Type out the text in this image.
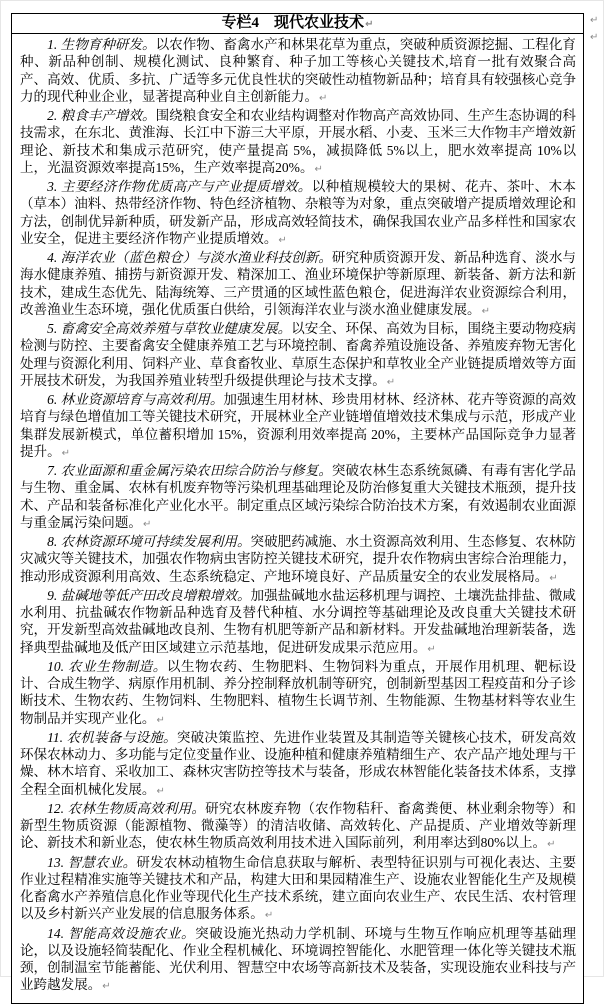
↵
↵
专栏4　现代农业技术↵

1. 生物育种研发。以农作物、畜禽水产和林果花草为重点，突破种质资源挖掘、工程化育种、新品种创制、规模化测试、良种繁育、种子加工等核心关键技术,培育一批有效聚合高产、高效、优质、多抗、广适等多元优良性状的突破性动植物新品种；培育具有较强核心竞争力的现代种业企业，显著提高种业自主创新能力。↵

2. 粮食丰产增效。围绕粮食安全和农业结构调整对作物高产高效协同、生产生态协调的科技需求，在东北、黄淮海、长江中下游三大平原，开展水稻、小麦、玉米三大作物丰产增效新理论、新技术和集成示范研究，使产量提高 5%，减损降低 5%以上，肥水效率提高 10%以上，光温资源效率提高15%，生产效率提高20%。↵

3. 主要经济作物优质高产与产业提质增效。以种植规模较大的果树、花卉、茶叶、木本（草本）油料、热带经济作物、特色经济植物、杂粮等为对象，重点突破增产提质增效理论和方法，创制优异新种质，研发新产品，形成高效轻简技术，确保我国农业产品多样性和国家农业安全，促进主要经济作物产业提质增效。↵

4. 海洋农业（蓝色粮仓）与淡水渔业科技创新。研究种质资源开发、新品种选育、淡水与海水健康养殖、捕捞与新资源开发、精深加工、渔业环境保护等新原理、新装备、新方法和新技术，建成生态优先、陆海统筹、三产贯通的区域性蓝色粮仓，促进海洋农业资源综合利用，改善渔业生态环境，强化优质蛋白供给，引领海洋农业与淡水渔业健康发展。↵

5. 畜禽安全高效养殖与草牧业健康发展。以安全、环保、高效为目标，围绕主要动物疫病检测与防控、主要畜禽安全健康养殖工艺与环境控制、畜禽养殖设施设备、养殖废弃物无害化处理与资源化利用、饲料产业、草食畜牧业、草原生态保护和草牧业全产业链提质增效等方面开展技术研发，为我国养殖业转型升级提供理论与技术支撑。↵

6. 林业资源培育与高效利用。加强速生用材林、珍贵用材林、经济林、花卉等资源的高效培育与绿色增值加工等关键技术研究，开展林业全产业链增值增效技术集成与示范，形成产业集群发展新模式，单位蓄积增加 15%，资源利用效率提高 20%，主要林产品国际竞争力显著提升。↵

7. 农业面源和重金属污染农田综合防治与修复。突破农林生态系统氮磷、有毒有害化学品与生物、重金属、农林有机废弃物等污染机理基础理论及防治修复重大关键技术瓶颈，提升技术、产品和装备标准化产业化水平。制定重点区域污染综合防治技术方案，有效遏制农业面源与重金属污染问题。↵

8. 农林资源环境可持续发展利用。突破肥药减施、水土资源高效利用、生态修复、农林防灾减灾等关键技术，加强农作物病虫害防控关键技术研究，提升农作物病虫害综合治理能力，推动形成资源利用高效、生态系统稳定、产地环境良好、产品质量安全的农业发展格局。↵

9. 盐碱地等低产田改良增粮增效。加强盐碱地水盐运移机理与调控、土壤洗盐排盐、微咸水利用、抗盐碱农作物新品种选育及替代种植、水分调控等基础理论及改良重大关键技术研究，开发新型高效盐碱地改良剂、生物有机肥等新产品和新材料。开发盐碱地治理新装备，选择典型盐碱地及低产田区域建立示范基地，促进研发成果示范应用。↵

10. 农业生物制造。以生物农药、生物肥料、生物饲料为重点，开展作用机理、靶标设计、合成生物学、病原作用机制、养分控制释放机制等研究，创制新型基因工程疫苗和分子诊断技术、生物农药、生物饲料、生物肥料、植物生长调节剂、生物能源、生物基材料等农业生物制品并实现产业化。↵

11. 农机装备与设施。突破决策监控、先进作业装置及其制造等关键核心技术，研发高效环保农林动力、多功能与定位变量作业、设施种植和健康养殖精细生产、农产品产地处理与干燥、林木培育、采收加工、森林灾害防控等技术与装备，形成农林智能化装备技术体系，支撑全程全面机械化发展。↵

12. 农林生物质高效利用。研究农林废弃物（农作物秸秆、畜禽粪便、林业剩余物等）和新型生物质资源（能源植物、微藻等）的清洁收储、高效转化、产品提质、产业增效等新理论、新技术和新业态，使农林生物质高效利用技术进入国际前列，利用率达到80%以上。↵

13. 智慧农业。研发农林动植物生命信息获取与解析、表型特征识别与可视化表达、主要作业过程精准实施等关键技术和产品，构建大田和果园精准生产、设施农业智能化生产及规模化畜禽水产养殖信息化作业等现代化生产技术系统，建立面向农业生产、农民生活、农村管理以及乡村新兴产业发展的信息服务体系。↵

14. 智能高效设施农业。突破设施光热动力学机制、环境与生物互作响应机理等基础理论，以及设施轻简装配化、作业全程机械化、环境调控智能化、水肥管理一体化等关键技术瓶颈，创制温室节能蓄能、光伏利用、智慧空中农场等高新技术及装备，实现设施农业科技与产业跨越发展。↵
